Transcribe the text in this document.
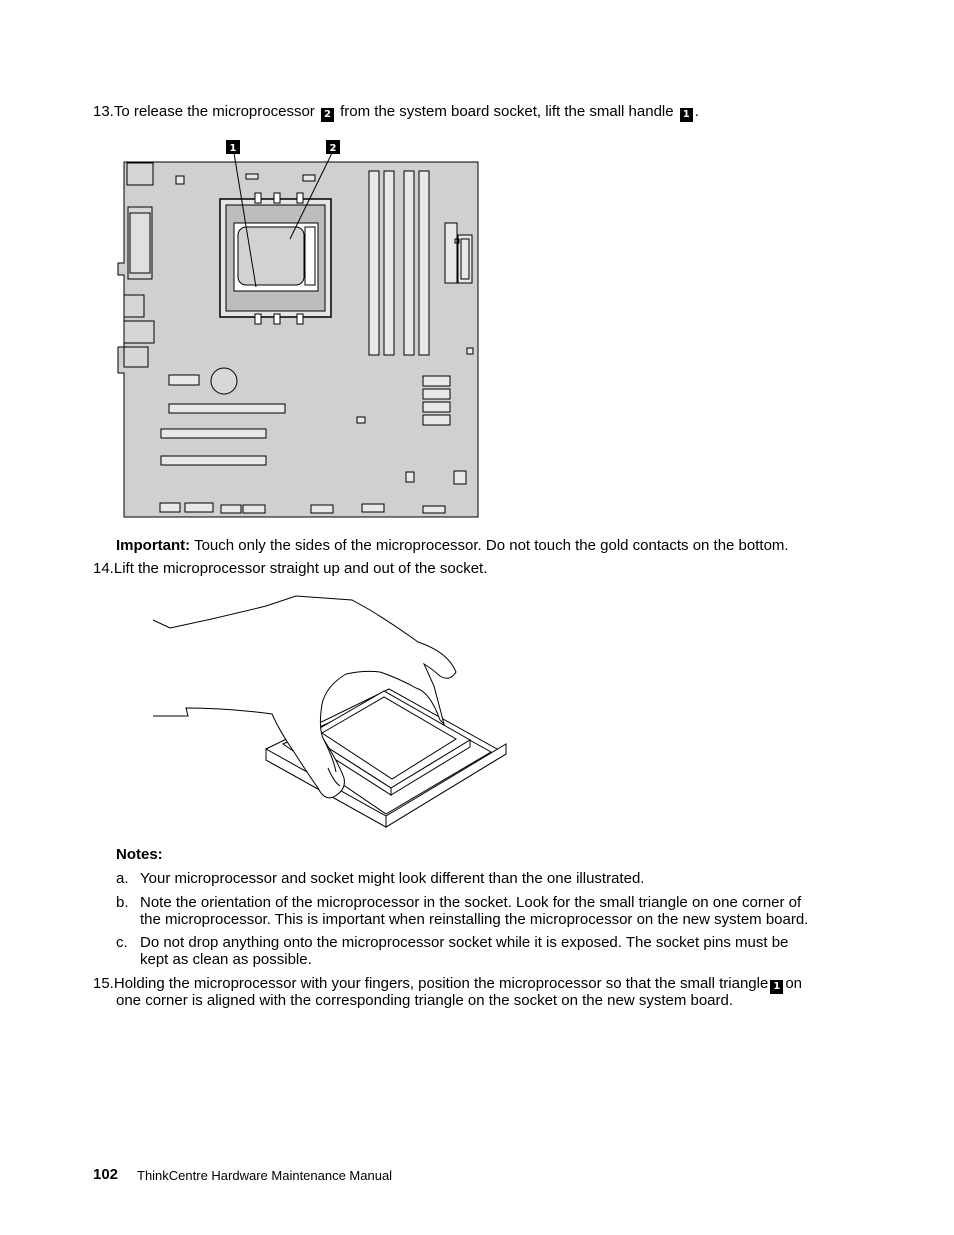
13.To release the microprocessor 2 from the system board socket, lift the small handle 1 .
1	2
Important: Touch only the sides of the microprocessor. Do not touch the gold contacts on the bottom.
14.Lift the microprocessor straight up and out of the socket.
Notes:
a. Your microprocessor and socket might look different than the one illustrated.
b. Note the orientation of the microprocessor in the socket. Look for the small triangle on one corner of
the microprocessor. This is important when reinstalling the microprocessor on the new system board.
c. Do not drop anything onto the microprocessor socket while it is exposed. The socket pins must be
kept as clean as possible.
15.Holding the microprocessor with your fingers, position the microprocessor so that the small triangle 1 on
one corner is aligned with the corresponding triangle on the socket on the new system board.
102 ThinkCentre Hardware Maintenance Manual
